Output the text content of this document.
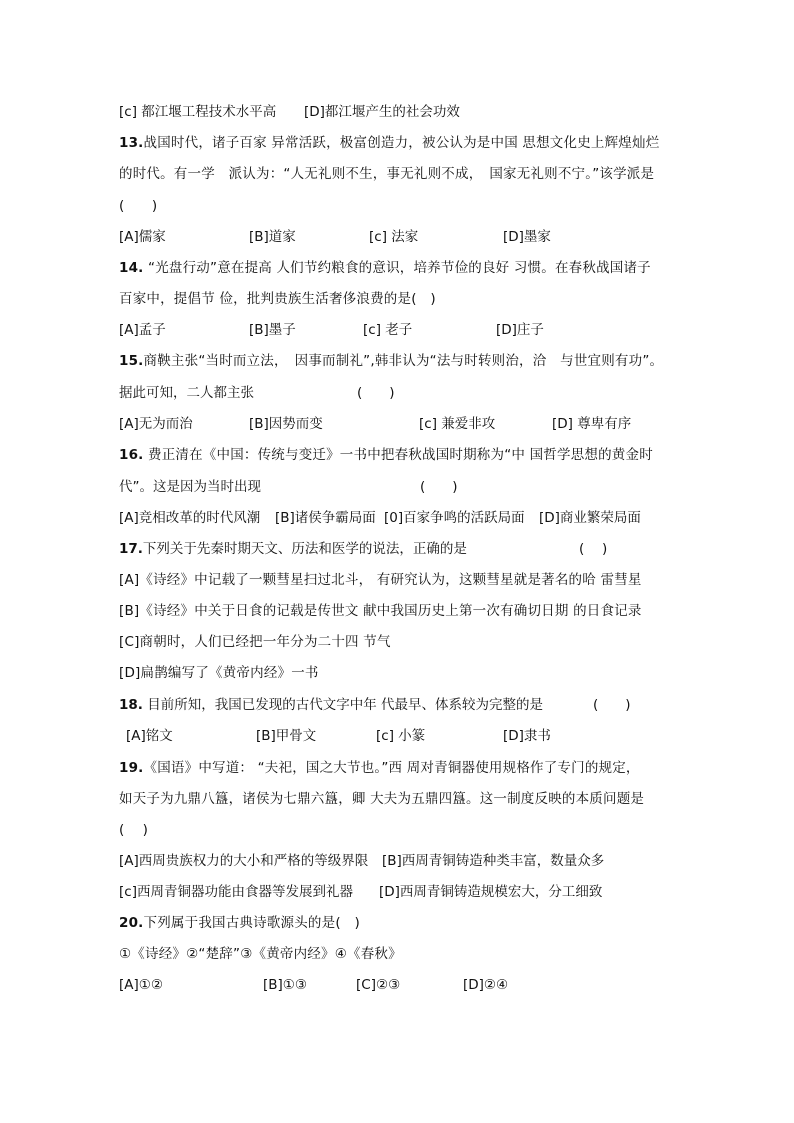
[c] 都江堰工程技术水平高 [D]都江堰产生的社会功效
13.战国时代，诸子百家 异常活跃，极富创造力，被公认为是中国 思想文化史上辉煌灿烂
的时代。有一学　派认为：“人无礼则不生，事无礼则不成，　国家无礼则不宁。”该学派是
(　　)
[A]儒家	[B]道家	[c] 法家	[D]墨家
14. “光盘行动”意在提高 人们节约粮食的意识，培养节俭的良好 习惯。在春秋战国诸子
百家中，提倡节 俭，批判贵族生活奢侈浪费的是(　)
[A]孟子	[B]墨子	[c] 老子	[D]庄子
15.商鞅主张“当时而立法，　因事而制礼”,韩非认为“法与时转则治，洽　与世宜则有功”。
据此可知，二人都主张	(　　)
[A]无为而治	[B]因势而变	[c] 兼爱非攻	[D] 尊卑有序
16. 费正清在《中国：传统与变迁》一书中把春秋战国时期称为“中 国哲学思想的黄金时
代”。这是因为当时出现	(　　)
[A]竞相改革的时代风潮 [B]诸侯争霸局面 [0]百家争鸣的活跃局面 [D]商业繁荣局面
17.下列关于先秦时期天文、历法和医学的说法，正确的是	(　 )
[A]《诗经》中记载了一颗彗星扫过北斗， 有研究认为，这颗彗星就是著名的哈 雷彗星
[B]《诗经》中关于日食的记载是传世文 献中我国历史上第一次有确切日期 的日食记录
[C]商朝时，人们已经把一年分为二十四 节气
[D]扁鹊编写了《黄帝内经》一书
18. 目前所知，我国已发现的古代文字中年 代最早、体系较为完整的是	(　　)
[A]铭文	[B]甲骨文	[c] 小篆	[D]隶书
19.《国语》中写道： “夫祀，国之大节也。”西 周对青铜器使用规格作了专门的规定，
如天子为九鼎八簋，诸侯为七鼎六簋，卿 大夫为五鼎四簋。这一制度反映的本质问题是
(　 )
[A]西周贵族权力的大小和严格的等级界限 [B]西周青铜铸造种类丰富，数量众多
[c]西周青铜器功能由食器等发展到礼器 [D]西周青铜铸造规模宏大，分工细致
20.下列属于我国古典诗歌源头的是(　)
①《诗经》②“楚辞”③《黄帝内经》④《春秋》
[A]①②	[B]①③	[C]②③	[D]②④
